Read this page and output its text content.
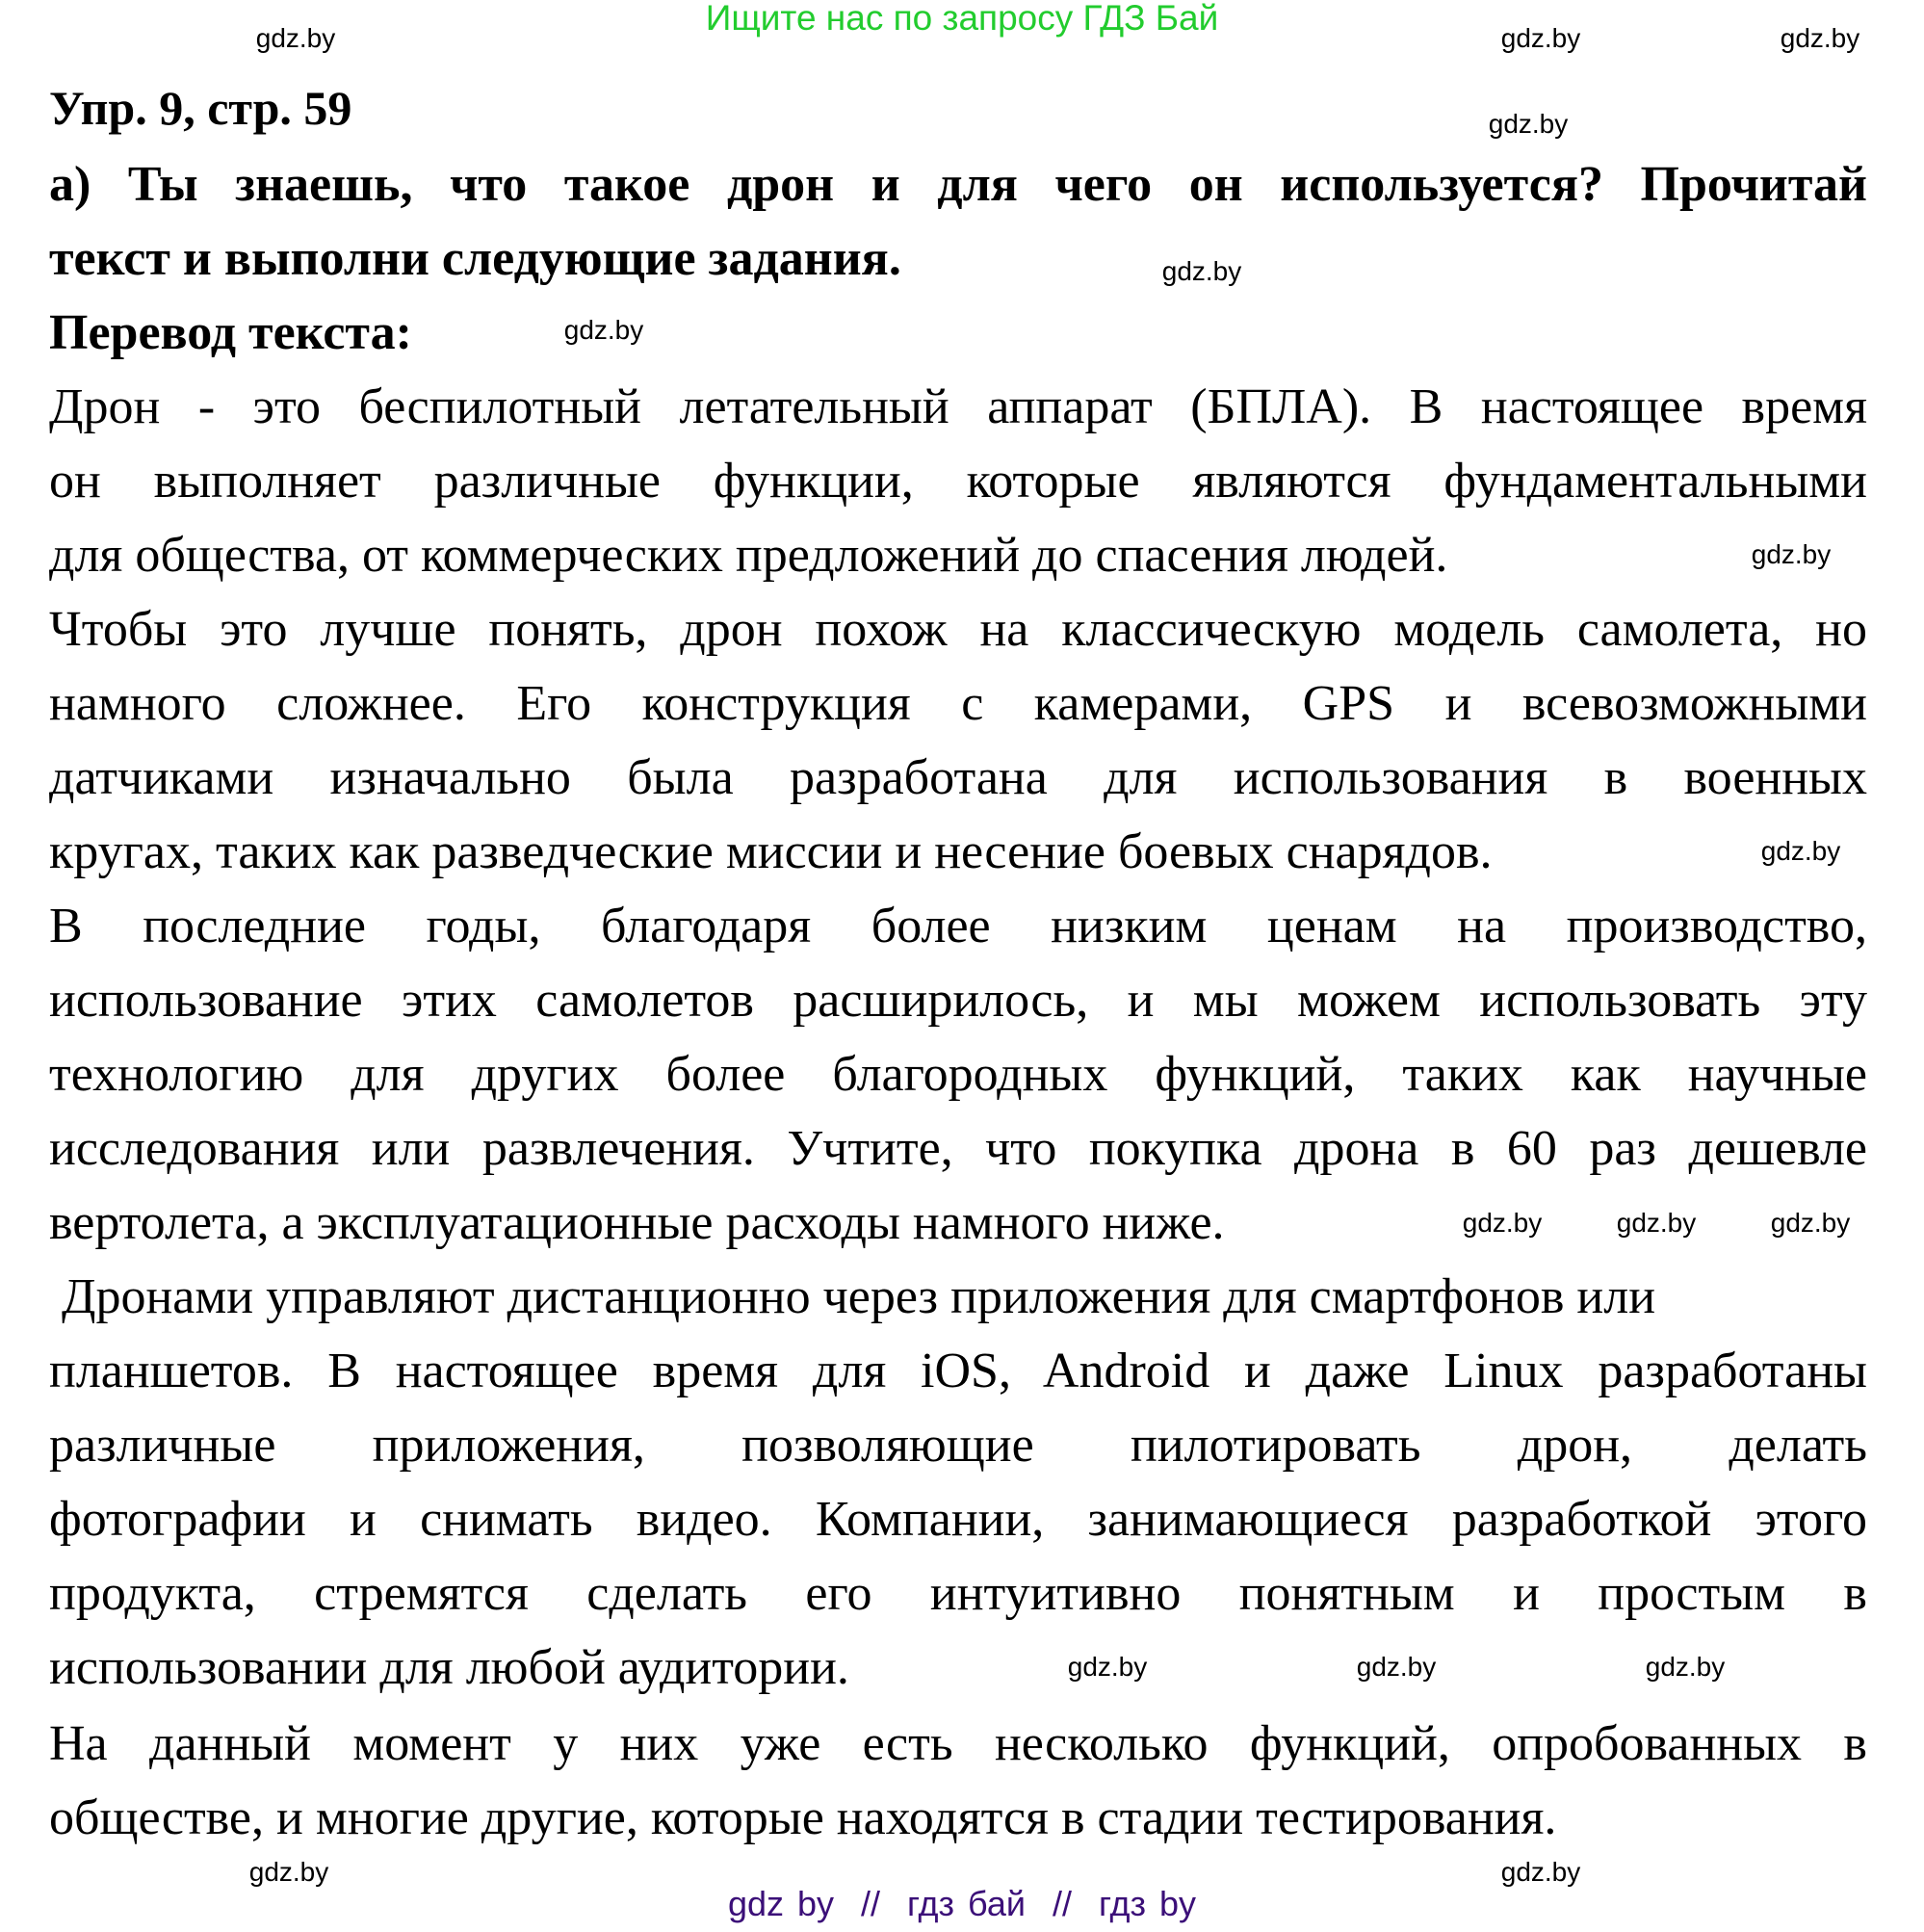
Ищите нас по запросу ГДЗ Бай
Упр. 9, стр. 59
а) Ты знаешь, что такое дрон и для чего он используется? Прочитай
текст и выполни следующие задания.
Перевод текста:
Дрон - это беспилотный летательный аппарат (БПЛА). В настоящее время
он выполняет различные функции, которые являются фундаментальными
для общества, от коммерческих предложений до спасения людей.
Чтобы это лучше понять, дрон похож на классическую модель самолета, но
намного сложнее. Его конструкция с камерами, GPS и всевозможными
датчиками изначально была разработана для использования в военных
кругах, таких как разведческие миссии и несение боевых снарядов.
В последние годы, благодаря более низким ценам на производство,
использование этих самолетов расширилось, и мы можем использовать эту
технологию для других более благородных функций, таких как научные
исследования или развлечения. Учтите, что покупка дрона в 60 раз дешевле
вертолета, а эксплуатационные расходы намного ниже.
Дронами управляют дистанционно через приложения для смартфонов или
планшетов. В настоящее время для iOS, Android и даже Linux разработаны
различные приложения, позволяющие пилотировать дрон, делать
фотографии и снимать видео. Компании, занимающиеся разработкой этого
продукта, стремятся сделать его интуитивно понятным и простым в
использовании для любой аудитории.
На данный момент у них уже есть несколько функций, опробованных в
обществе, и многие другие, которые находятся в стадии тестирования.
gdz.by	gdz.by	gdz.by
gdz.by
gdz.by
gdz.by
gdz.by
gdz.by
gdz.by	gdz.by	gdz.by
gdz.by	gdz.by	gdz.by
gdz.by	gdz.by
gdz by  //  гдз бай  //  гдз by
